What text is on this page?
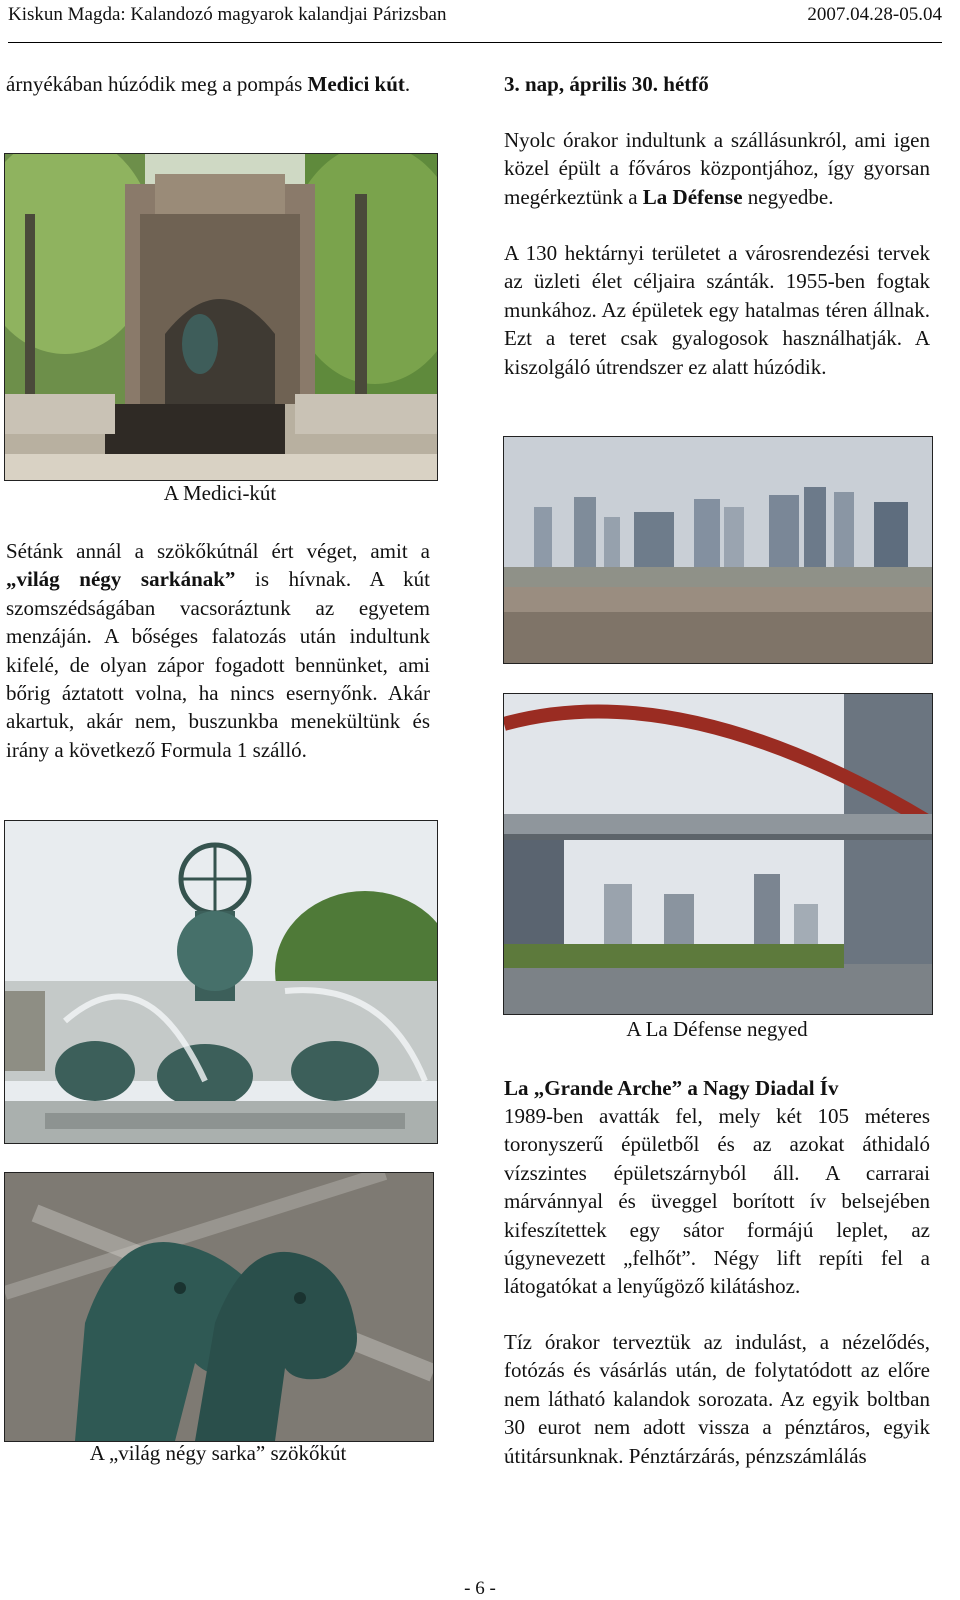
Kiskun Magda: Kalandozó magyarok kalandjai Párizsban	2007.04.28-05.04
árnyékában húzódik meg a pompás Medici kút.
A Medici-kút
Sétánk annál a szökőkútnál ért véget, amit a „világ négy sarkának” is hívnak. A kút szomszédságában vacsoráztunk az egyetem menzáján. A bőséges falatozás után indultunk kifelé, de olyan zápor fogadott bennünket, ami bőrig áztatott volna, ha nincs esernyőnk. Akár akartuk, akár nem, buszunkba menekültünk és irány a következő Formula 1 szálló.
A „világ négy sarka” szökőkút
3. nap, április 30. hétfő
Nyolc órakor indultunk a szállásunkról, ami igen közel épült a főváros központjához, így gyorsan megérkeztünk a La Défense negyedbe.
A 130 hektárnyi területet a városrendezési tervek az üzleti élet céljaira szánták. 1955-ben fogtak munkához. Az épületek egy hatalmas téren állnak. Ezt a teret csak gyalogosok használhatják. A kiszolgáló útrendszer ez alatt húzódik.
A La Défense negyed
La „Grande Arche” a Nagy Diadal Ív
1989-ben avatták fel, mely két 105 méteres toronyszerű épületből és az azokat áthidaló vízszintes épületszárnyból áll. A carrarai márvánnyal és üveggel borított ív belsejében kifeszítettek egy sátor formájú leplet, az úgynevezett „felhőt”. Négy lift repíti fel a látogatókat a lenyűgöző kilátáshoz.
Tíz órakor terveztük az indulást, a nézelődés, fotózás és vásárlás után, de folytatódott az előre nem látható kalandok sorozata. Az egyik boltban 30 eurot nem adott vissza a pénztáros, egyik útitársunknak. Pénztárzárás, pénzszámlálás
- 6 -
